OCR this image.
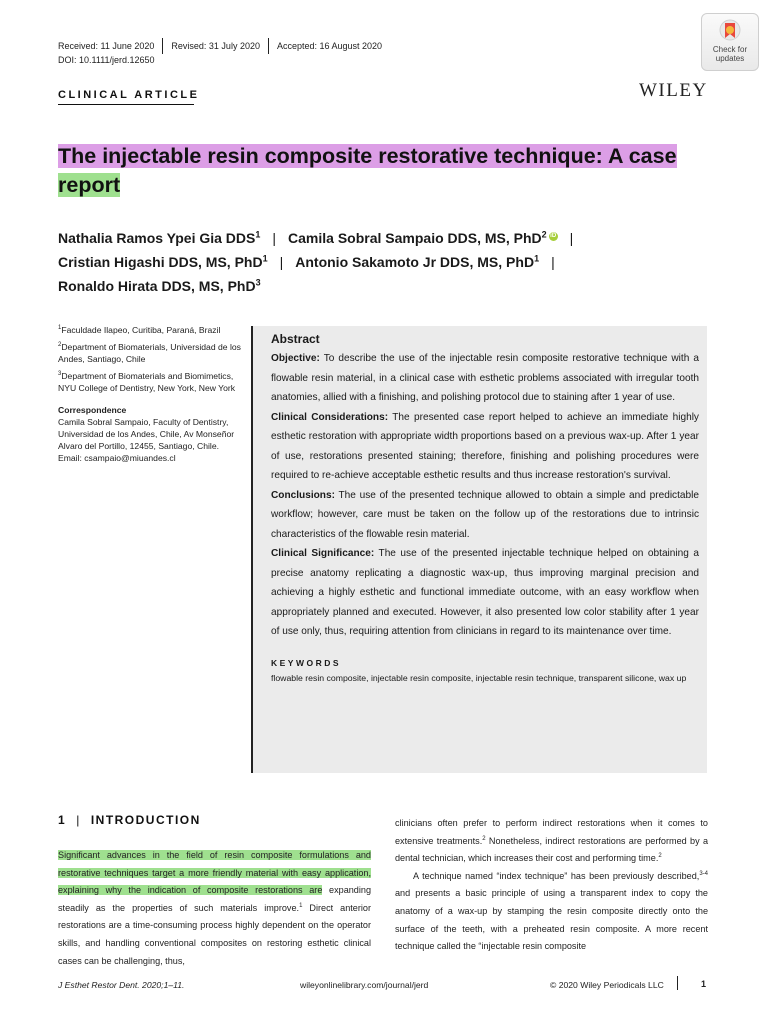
Received: 11 June 2020 Revised: 31 July 2020 Accepted: 16 August 2020
DOI: 10.1111/jerd.12650
Check for
updates
CLINICAL ARTICLE	WILEY
The injectable resin composite restorative technique: A case
report
Nathalia Ramos Ypei Gia DDS$^1$ | Camila Sobral Sampaio DDS, MS, PhD$^2$ iD |
Cristian Higashi DDS, MS, PhD$^1$ | Antonio Sakamoto Jr DDS, MS, PhD$^1$ |
Ronaldo Hirata DDS, MS, PhD$^3$

$^1$Faculdade Ilapeo, Curitiba, Paraná, Brazil

$^2$Department of Biomaterials, Universidad de los Andes, Santiago, Chile

$^3$Department of Biomaterials and Biomimetics, NYU College of Dentistry, New York, New York

Correspondence

Camila Sobral Sampaio, Faculty of Dentistry, Universidad de los Andes, Chile, Av Monseñor Alvaro del Portillo, 12455, Santiago, Chile.

Email: csampaio@miuandes.cl

Abstract

Objective: To describe the use of the injectable resin composite restorative technique with a flowable resin material, in a clinical case with esthetic problems associated with irregular tooth anatomies, allied with a finishing, and polishing protocol due to staining after 1 year of use.

Clinical Considerations: The presented case report helped to achieve an immediate highly esthetic restoration with appropriate width proportions based on a previous wax-up. After 1 year of use, restorations presented staining; therefore, finishing and polishing procedures were required to re-achieve acceptable esthetic results and thus increase restoration's survival.

Conclusions: The use of the presented technique allowed to obtain a simple and predictable workflow; however, care must be taken on the follow up of the restorations due to intrinsic characteristics of the flowable resin material.

Clinical Significance: The use of the presented injectable technique helped on obtaining a precise anatomy replicating a diagnostic wax-up, thus improving marginal precision and achieving a highly esthetic and functional immediate outcome, with an easy workflow when appropriately planned and executed. However, it also presented low color stability after 1 year of use only, thus, requiring attention from clinicians in regard to its maintenance over time.

KEYWORDS
flowable resin composite, injectable resin composite, injectable resin technique, transparent silicone, wax up
1 | INTRODUCTION

Significant advances in the field of resin composite formulations and restorative techniques target a more friendly material with easy application, explaining why the indication of composite restorations are expanding steadily as the properties of such materials improve.$^1$ Direct anterior restorations are a time-consuming process highly dependent on the operator skills, and handling conventional composites on restoring esthetic clinical cases can be challenging, thus,

clinicians often prefer to perform indirect restorations when it comes to extensive treatments.$^2$ Nonetheless, indirect restorations are performed by a dental technician, which increases their cost and performing time.$^2$

A technique named “index technique” has been previously described,$^{3-4}$ and presents a basic principle of using a transparent index to copy the anatomy of a wax-up by stamping the resin composite directly onto the surface of the teeth, with a preheated resin composite. A more recent technique called the “injectable resin composite

J Esthet Restor Dent. 2020;1–11.	wileyonlinelibrary.com/journal/jerd	© 2020 Wiley Periodicals LLC	1
